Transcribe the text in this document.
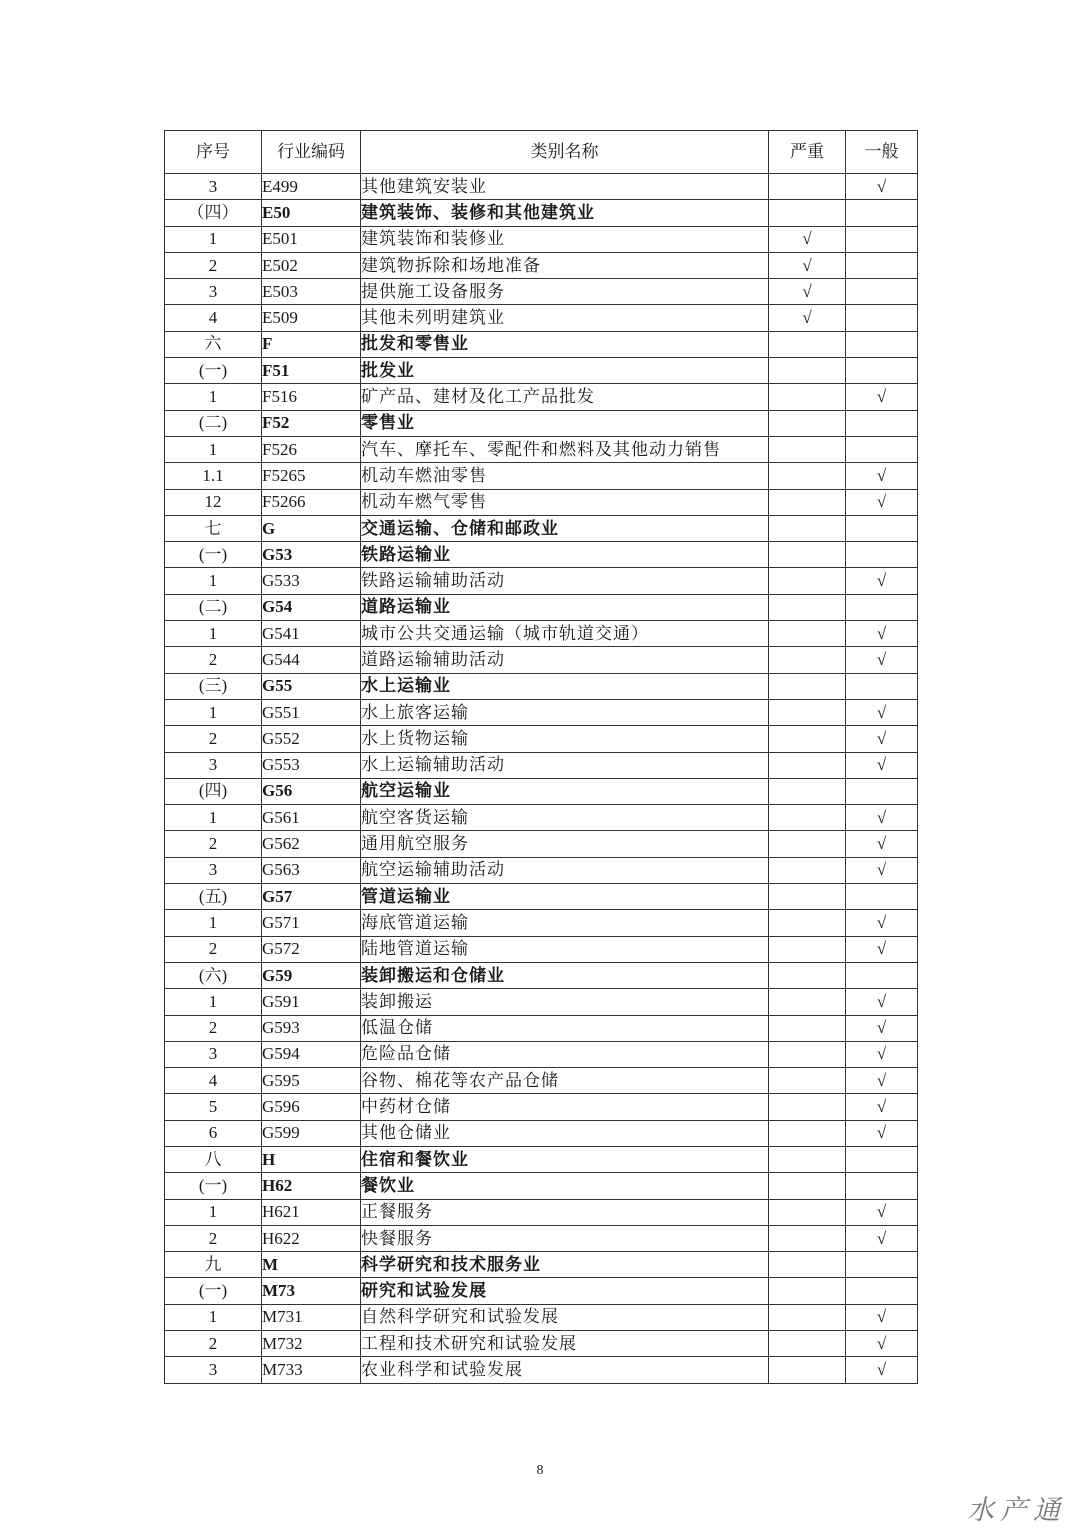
序号	行业编码	类别名称	严重	一般
3	E499	其他建筑安装业		√
（四）	E50	建筑装饰、装修和其他建筑业		
1	E501	建筑装饰和装修业	√	
2	E502	建筑物拆除和场地准备	√	
3	E503	提供施工设备服务	√	
4	E509	其他未列明建筑业	√	
六	F	批发和零售业		
(一)	F51	批发业		
1	F516	矿产品、建材及化工产品批发		√
(二)	F52	零售业		
1	F526	汽车、摩托车、零配件和燃料及其他动力销售		
1.1	F5265	机动车燃油零售		√
12	F5266	机动车燃气零售		√
七	G	交通运输、仓储和邮政业		
(一)	G53	铁路运输业		
1	G533	铁路运输辅助活动		√
(二)	G54	道路运输业		
1	G541	城市公共交通运输（城市轨道交通）		√
2	G544	道路运输辅助活动		√
(三)	G55	水上运输业		
1	G551	水上旅客运输		√
2	G552	水上货物运输		√
3	G553	水上运输辅助活动		√
(四)	G56	航空运输业		
1	G561	航空客货运输		√
2	G562	通用航空服务		√
3	G563	航空运输辅助活动		√
(五)	G57	管道运输业		
1	G571	海底管道运输		√
2	G572	陆地管道运输		√
(六)	G59	装卸搬运和仓储业		
1	G591	装卸搬运		√
2	G593	低温仓储		√
3	G594	危险品仓储		√
4	G595	谷物、棉花等农产品仓储		√
5	G596	中药材仓储		√
6	G599	其他仓储业		√
八	H	住宿和餐饮业		
(一)	H62	餐饮业		
1	H621	正餐服务		√
2	H622	快餐服务		√
九	M	科学研究和技术服务业		
(一)	M73	研究和试验发展		
1	M731	自然科学研究和试验发展		√
2	M732	工程和技术研究和试验发展		√
3	M733	农业科学和试验发展		√
8
水产通
